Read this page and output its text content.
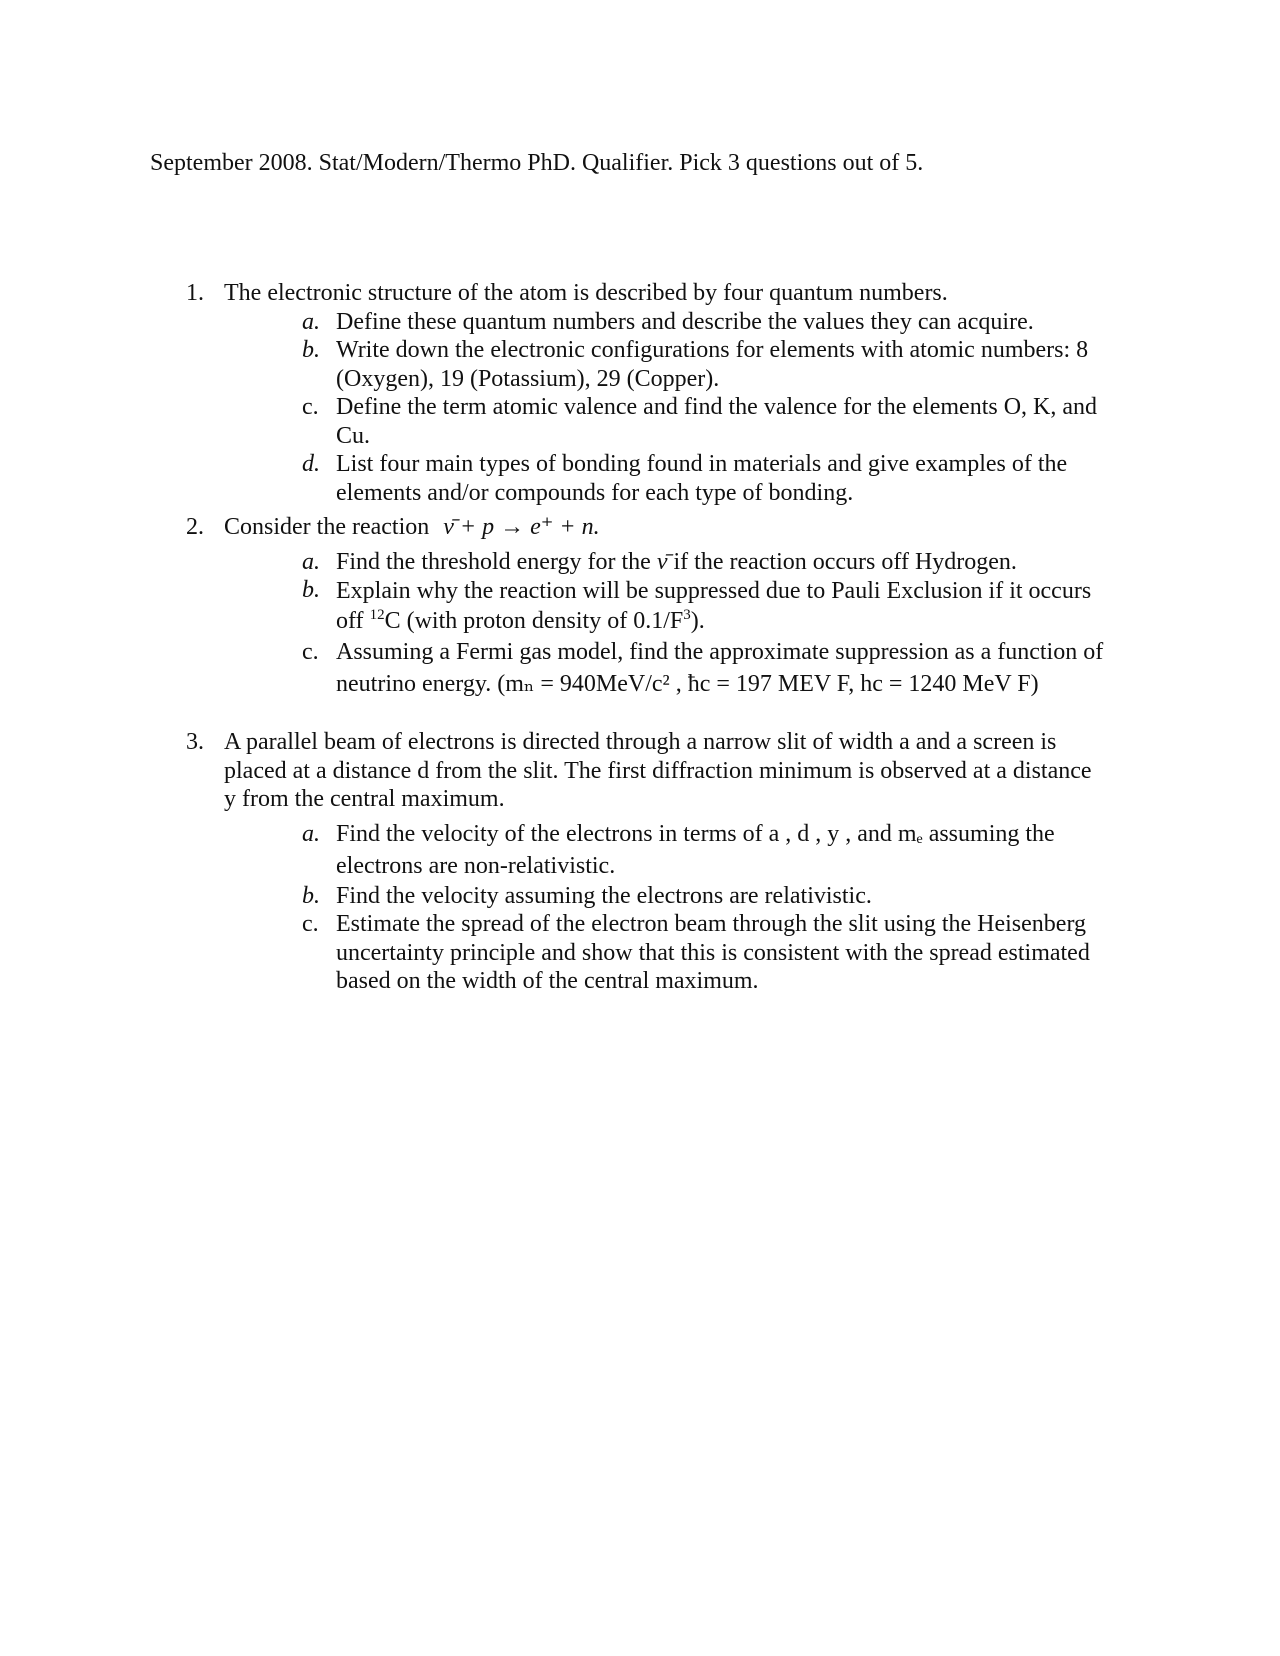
September 2008. Stat/Modern/Thermo PhD. Qualifier. Pick 3 questions out of 5.
1. The electronic structure of the atom is described by four quantum numbers.
a. Define these quantum numbers and describe the values they can acquire.
b. Write down the electronic configurations for elements with atomic numbers: 8 (Oxygen), 19 (Potassium), 29 (Copper).
c. Define the term atomic valence and find the valence for the elements O, K, and Cu.
d. List four main types of bonding found in materials and give examples of the elements and/or compounds for each type of bonding.
2. Consider the reaction ν̄ + p → e⁺ + n.
a. Find the threshold energy for the ν̄ if the reaction occurs off Hydrogen.
b. Explain why the reaction will be suppressed due to Pauli Exclusion if it occurs off $^{12}$C (with proton density of $0.1/F^3$).
c. Assuming a Fermi gas model, find the approximate suppression as a function of neutrino energy. (mₙ = 940MeV/c² , ħc = 197 MEV F, hc = 1240 MeV F)
3. A parallel beam of electrons is directed through a narrow slit of width a and a screen is placed at a distance d from the slit. The first diffraction minimum is observed at a distance y from the central maximum.
a. Find the velocity of the electrons in terms of a , d , y , and mₑ assuming the electrons are non-relativistic.
b. Find the velocity assuming the electrons are relativistic.
c. Estimate the spread of the electron beam through the slit using the Heisenberg uncertainty principle and show that this is consistent with the spread estimated based on the width of the central maximum.
